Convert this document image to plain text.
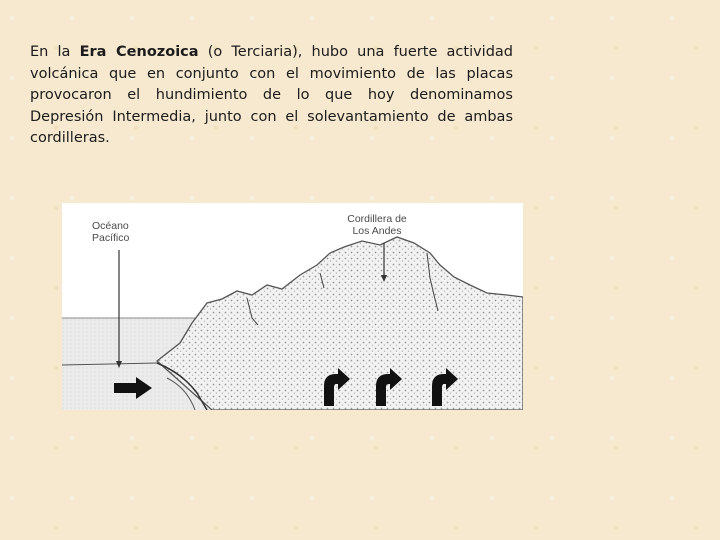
En la Era Cenozoica (o Terciaria), hubo una fuerte actividad volcánica que en conjunto con el movimiento de las placas provocaron el hundimiento de lo que hoy denominamos Depresión Intermedia, junto con el solevantamiento de ambas cordilleras.

Océano
Pacífico
Cordillera de
Los Andes
